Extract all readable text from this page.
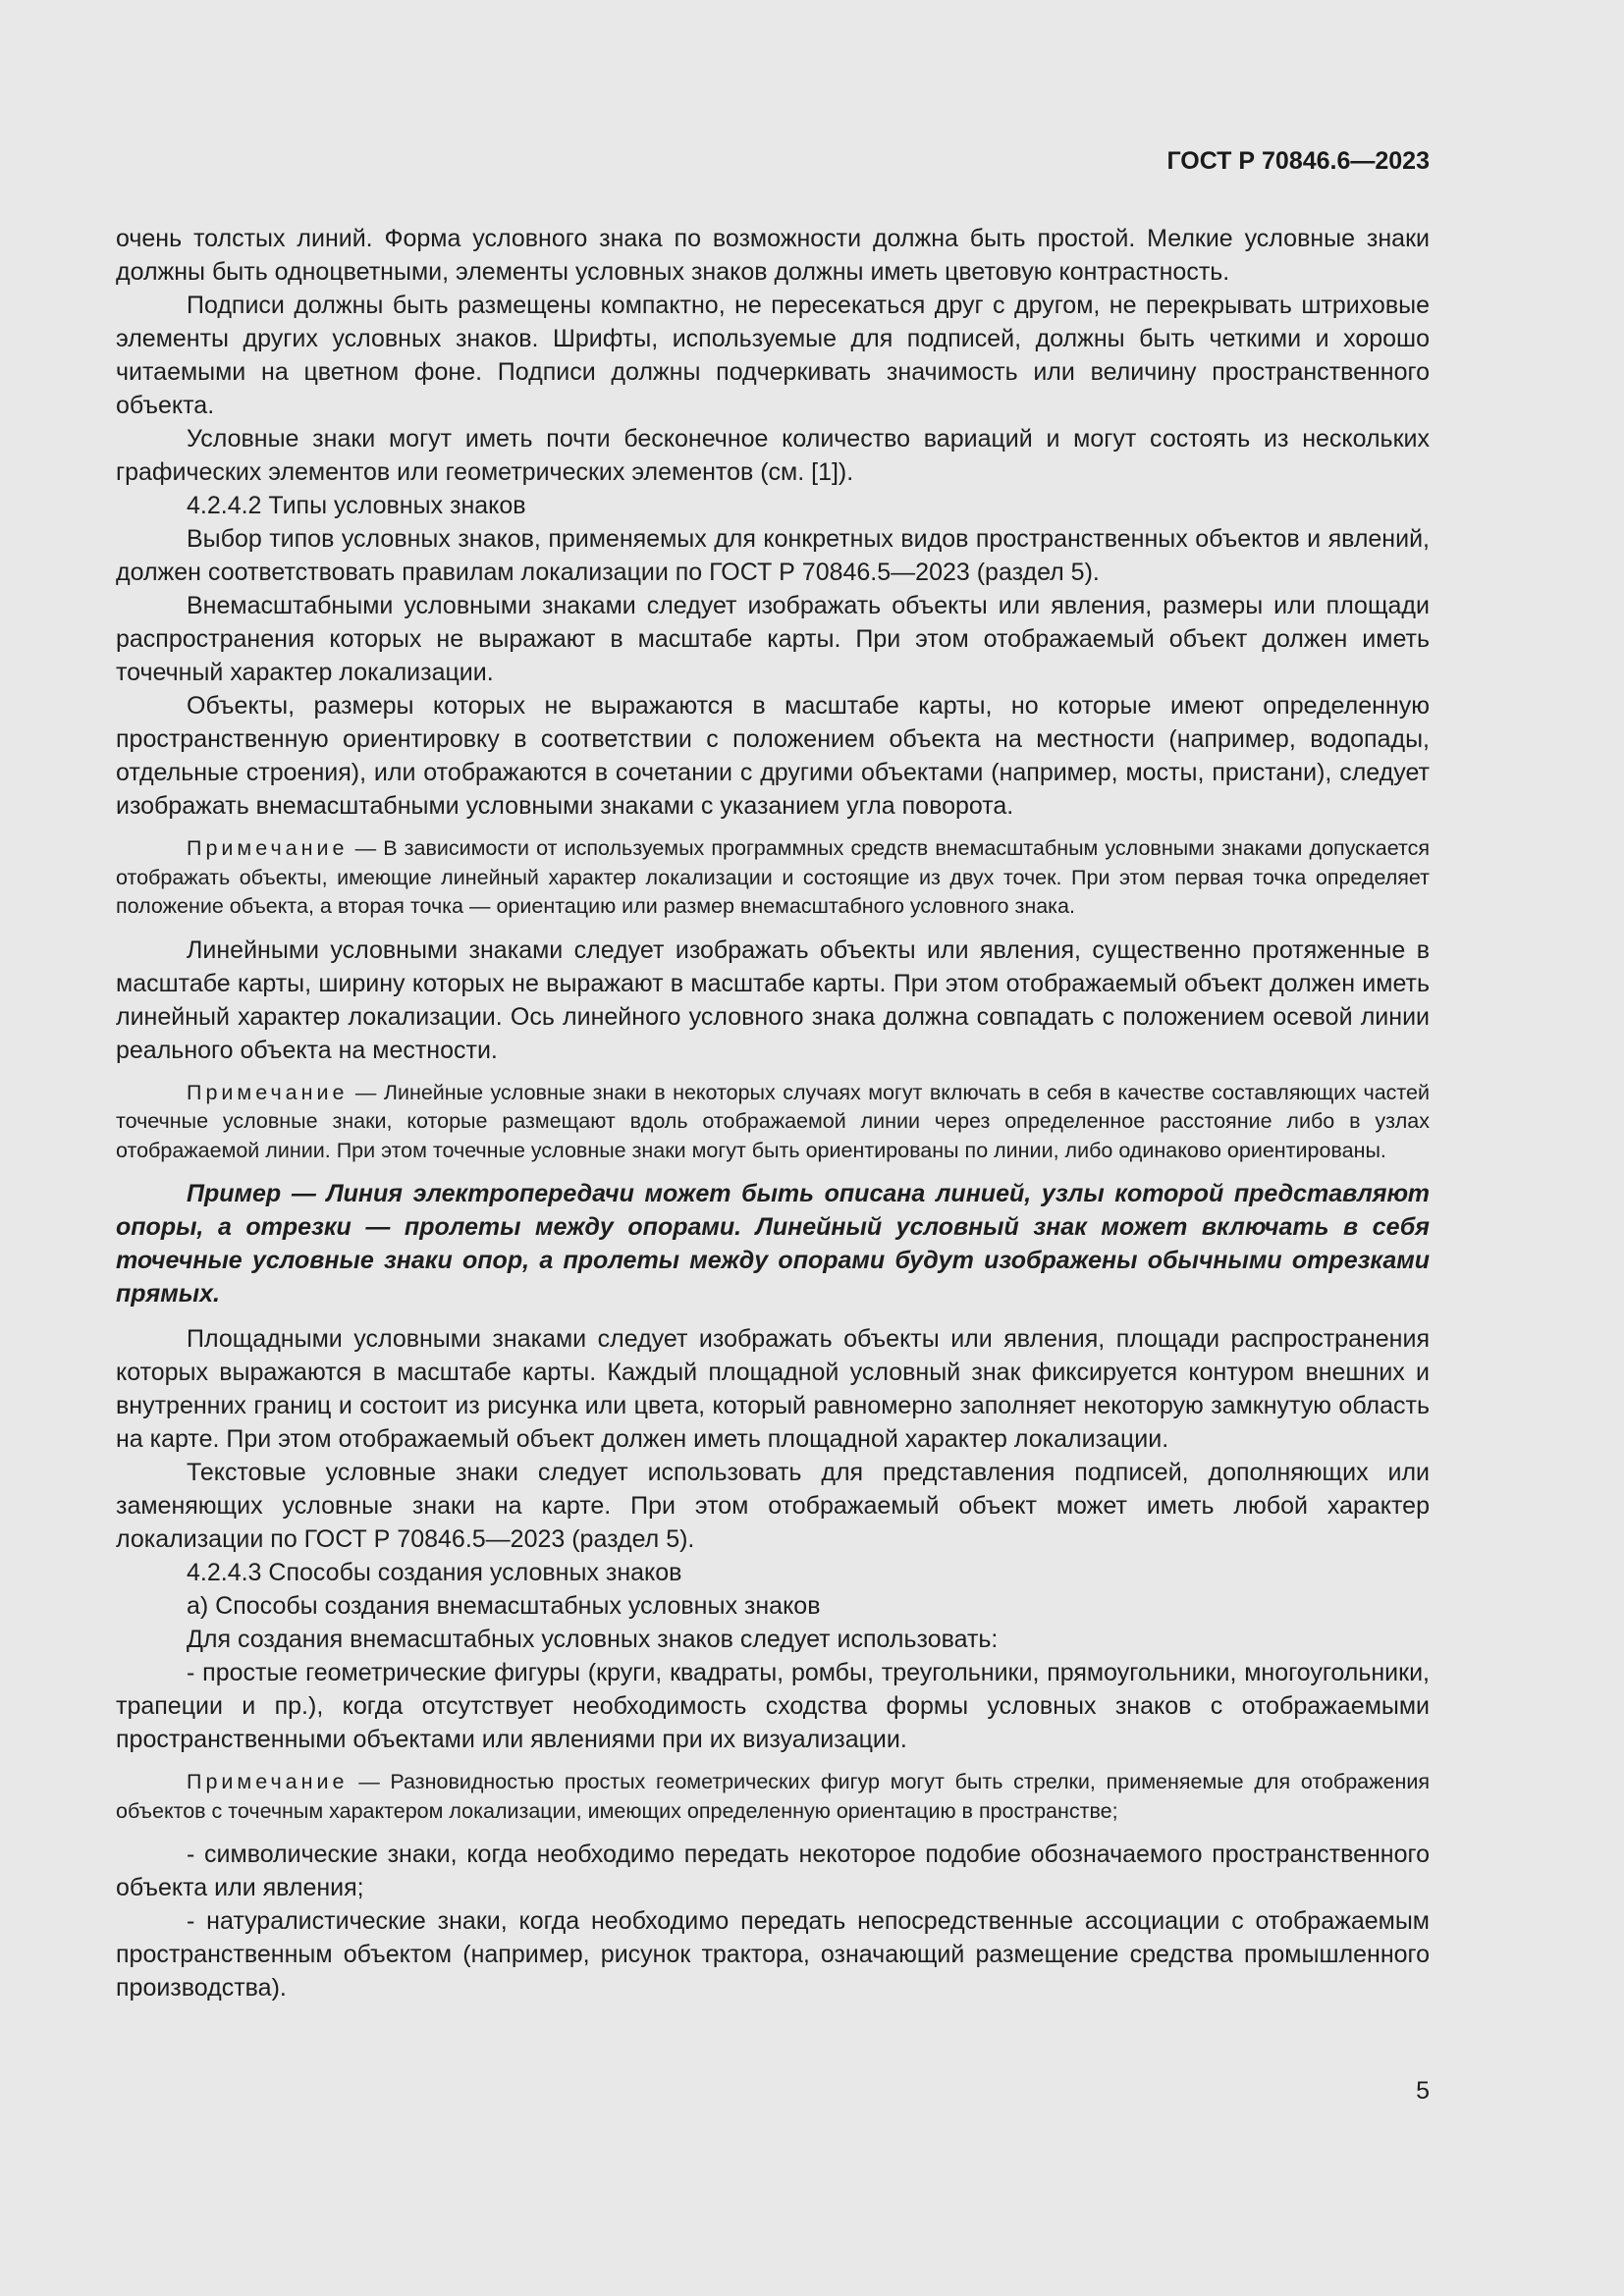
ГОСТ Р 70846.6—2023

очень толстых линий. Форма условного знака по возможности должна быть простой. Мелкие условные знаки должны быть одноцветными, элементы условных знаков должны иметь цветовую контрастность.

Подписи должны быть размещены компактно, не пересекаться друг с другом, не перекрывать штриховые элементы других условных знаков. Шрифты, используемые для подписей, должны быть четкими и хорошо читаемыми на цветном фоне. Подписи должны подчеркивать значимость или величину пространственного объекта.

Условные знаки могут иметь почти бесконечное количество вариаций и могут состоять из нескольких графических элементов или геометрических элементов (см. [1]).

4.2.4.2 Типы условных знаков

Выбор типов условных знаков, применяемых для конкретных видов пространственных объектов и явлений, должен соответствовать правилам локализации по ГОСТ Р 70846.5—2023 (раздел 5).

Внемасштабными условными знаками следует изображать объекты или явления, размеры или площади распространения которых не выражают в масштабе карты. При этом отображаемый объект должен иметь точечный характер локализации.

Объекты, размеры которых не выражаются в масштабе карты, но которые имеют определенную пространственную ориентировку в соответствии с положением объекта на местности (например, водопады, отдельные строения), или отображаются в сочетании с другими объектами (например, мосты, пристани), следует изображать внемасштабными условными знаками с указанием угла поворота.

Примечание — В зависимости от используемых программных средств внемасштабным условными знаками допускается отображать объекты, имеющие линейный характер локализации и состоящие из двух точек. При этом первая точка определяет положение объекта, а вторая точка — ориентацию или размер внемасштабного условного знака.

Линейными условными знаками следует изображать объекты или явления, существенно протяженные в масштабе карты, ширину которых не выражают в масштабе карты. При этом отображаемый объект должен иметь линейный характер локализации. Ось линейного условного знака должна совпадать с положением осевой линии реального объекта на местности.

Примечание — Линейные условные знаки в некоторых случаях могут включать в себя в качестве составляющих частей точечные условные знаки, которые размещают вдоль отображаемой линии через определенное расстояние либо в узлах отображаемой линии. При этом точечные условные знаки могут быть ориентированы по линии, либо одинаково ориентированы.

Пример — Линия электропередачи может быть описана линией, узлы которой представляют опоры, а отрезки — пролеты между опорами. Линейный условный знак может включать в себя точечные условные знаки опор, а пролеты между опорами будут изображены обычными отрезками прямых.

Площадными условными знаками следует изображать объекты или явления, площади распространения которых выражаются в масштабе карты. Каждый площадной условный знак фиксируется контуром внешних и внутренних границ и состоит из рисунка или цвета, который равномерно заполняет некоторую замкнутую область на карте. При этом отображаемый объект должен иметь площадной характер локализации.

Текстовые условные знаки следует использовать для представления подписей, дополняющих или заменяющих условные знаки на карте. При этом отображаемый объект может иметь любой характер локализации по ГОСТ Р 70846.5—2023 (раздел 5).

4.2.4.3 Способы создания условных знаков

а) Способы создания внемасштабных условных знаков

Для создания внемасштабных условных знаков следует использовать:

- простые геометрические фигуры (круги, квадраты, ромбы, треугольники, прямоугольники, многоугольники, трапеции и пр.), когда отсутствует необходимость сходства формы условных знаков с отображаемыми пространственными объектами или явлениями при их визуализации.

Примечание — Разновидностью простых геометрических фигур могут быть стрелки, применяемые для отображения объектов с точечным характером локализации, имеющих определенную ориентацию в пространстве;

- символические знаки, когда необходимо передать некоторое подобие обозначаемого пространственного объекта или явления;

- натуралистические знаки, когда необходимо передать непосредственные ассоциации с отображаемым пространственным объектом (например, рисунок трактора, означающий размещение средства промышленного производства).

5
